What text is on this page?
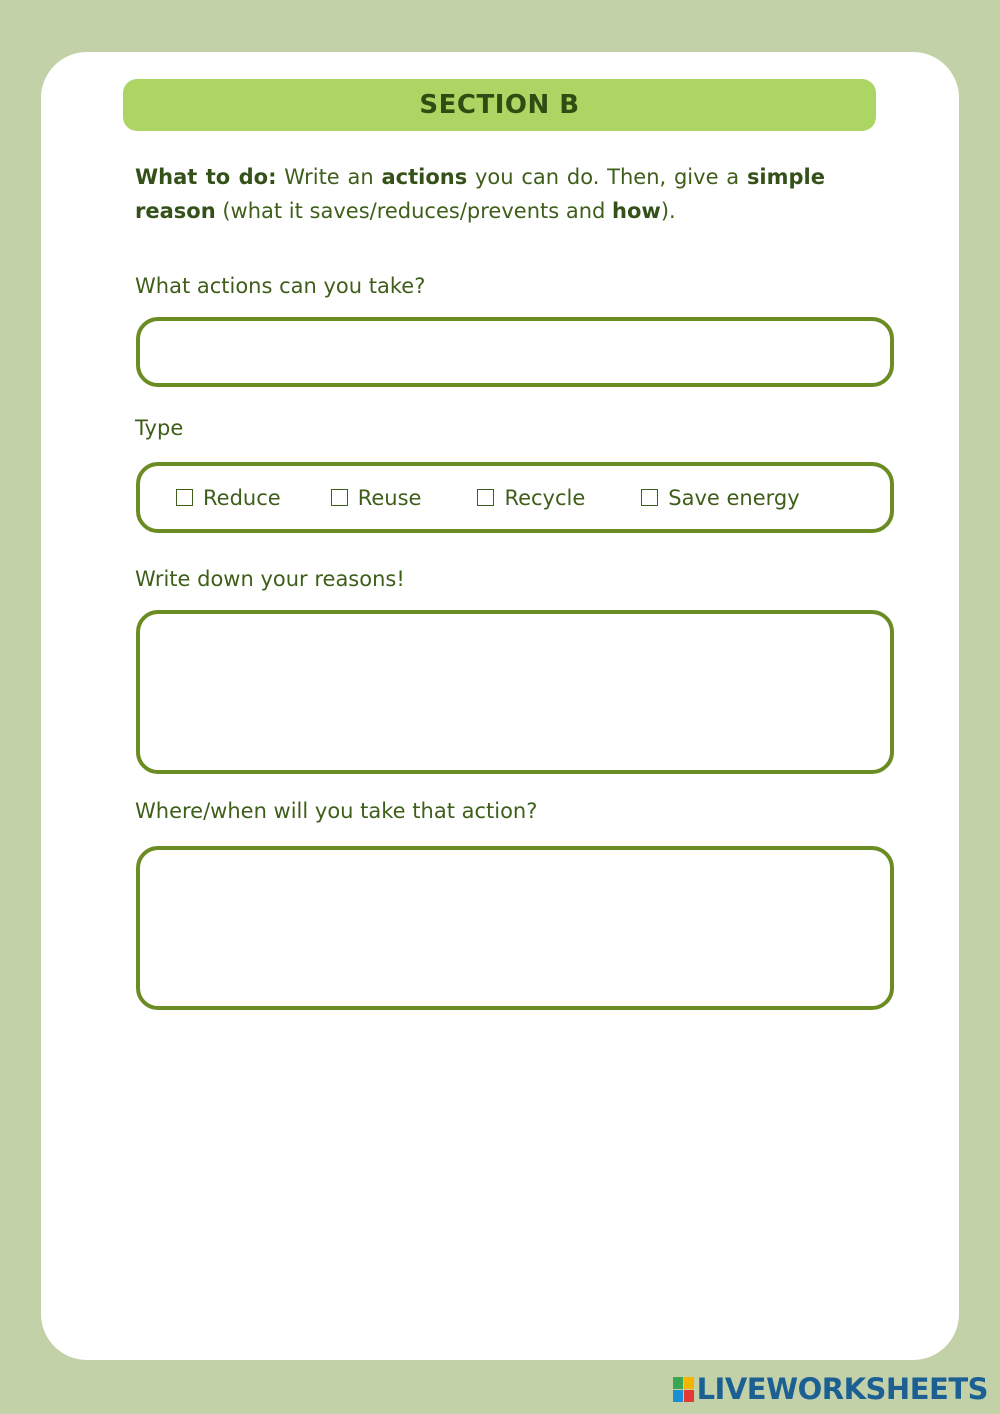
SECTION B
What to do: Write an actions you can do. Then, give a simple reason (what it saves/reduces/prevents and how).
What actions can you take?
Type
Reduce	Reuse	Recycle	Save energy
Write down your reasons!
Where/when will you take that action?
LIVEWORKSHEETS
